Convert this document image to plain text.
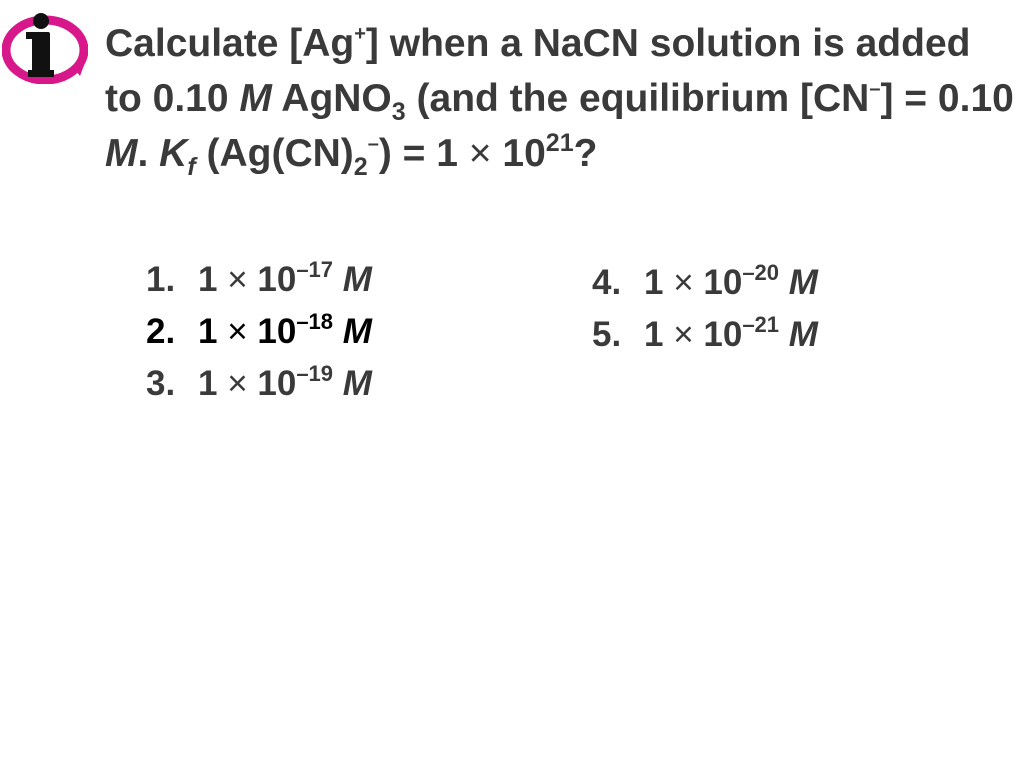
Calculate [Ag+] when a NaCN solution is added to 0.10 M AgNO$_3$ (and the equilibrium [CN–] = 0.10 M. $K_f$ $(Ag(CN)_2^-) = 1 \times 10^{21}$?
1. $1 \times 10^{-17}$ M
2. $1 \times 10^{-18}$ M
3. $1 \times 10^{-19}$ M
4. $1 \times 10^{-20}$ M
5. $1 \times 10^{-21}$ M
